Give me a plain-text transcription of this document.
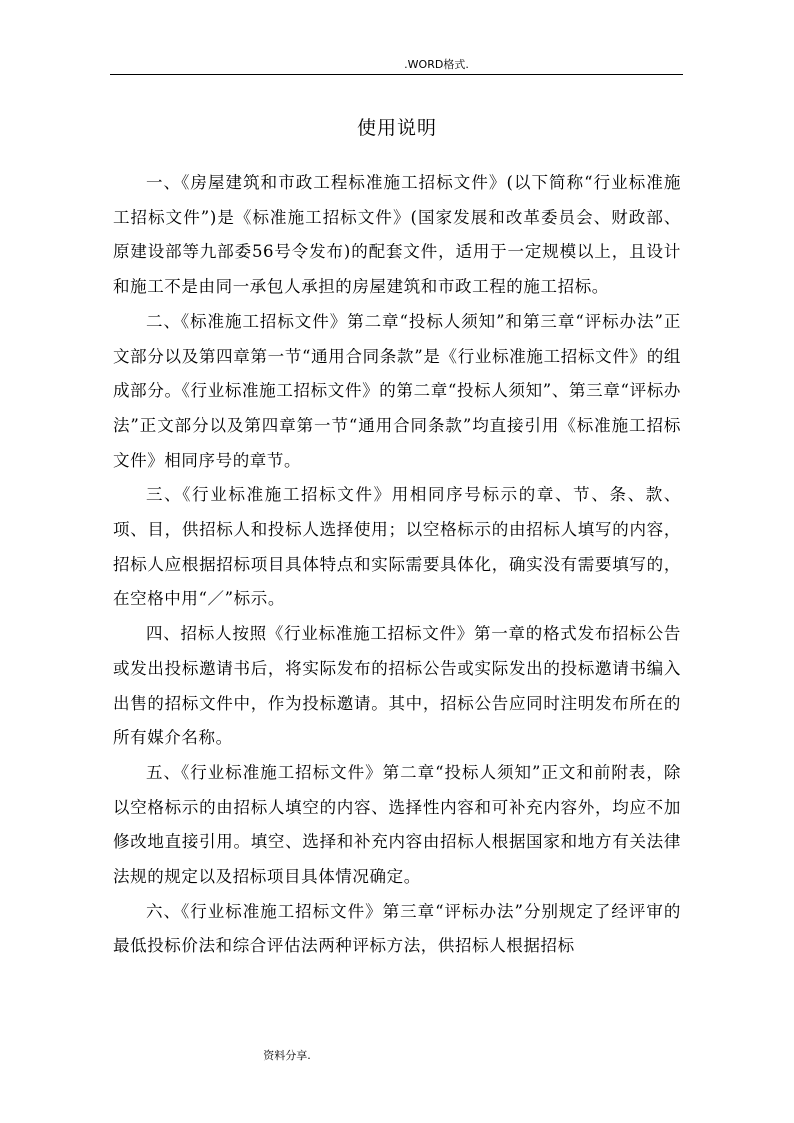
.WORD格式.
使用说明

一、《房屋建筑和市政工程标准施工招标文件》(以下简称“行业标准施工招标文件”)是《标准施工招标文件》(国家发展和改革委员会、财政部、原建设部等九部委56号令发布)的配套文件，适用于一定规模以上，且设计和施工不是由同一承包人承担的房屋建筑和市政工程的施工招标。

二、《标准施工招标文件》第二章“投标人须知”和第三章“评标办法”正文部分以及第四章第一节“通用合同条款”是《行业标准施工招标文件》的组成部分。《行业标准施工招标文件》的第二章“投标人须知”、第三章“评标办法”正文部分以及第四章第一节“通用合同条款”均直接引用《标准施工招标文件》相同序号的章节。

三、《行业标准施工招标文件》用相同序号标示的章、节、条、款、项、目，供招标人和投标人选择使用；以空格标示的由招标人填写的内容，招标人应根据招标项目具体特点和实际需要具体化，确实没有需要填写的，在空格中用“／”标示。

四、招标人按照《行业标准施工招标文件》第一章的格式发布招标公告或发出投标邀请书后，将实际发布的招标公告或实际发出的投标邀请书编入出售的招标文件中，作为投标邀请。其中，招标公告应同时注明发布所在的所有媒介名称。

五、《行业标准施工招标文件》第二章“投标人须知”正文和前附表，除以空格标示的由招标人填空的内容、选择性内容和可补充内容外，均应不加修改地直接引用。填空、选择和补充内容由招标人根据国家和地方有关法律法规的规定以及招标项目具体情况确定。

六、《行业标准施工招标文件》第三章“评标办法”分别规定了经评审的最低投标价法和综合评估法两种评标方法，供招标人根据招标

资料分享.
